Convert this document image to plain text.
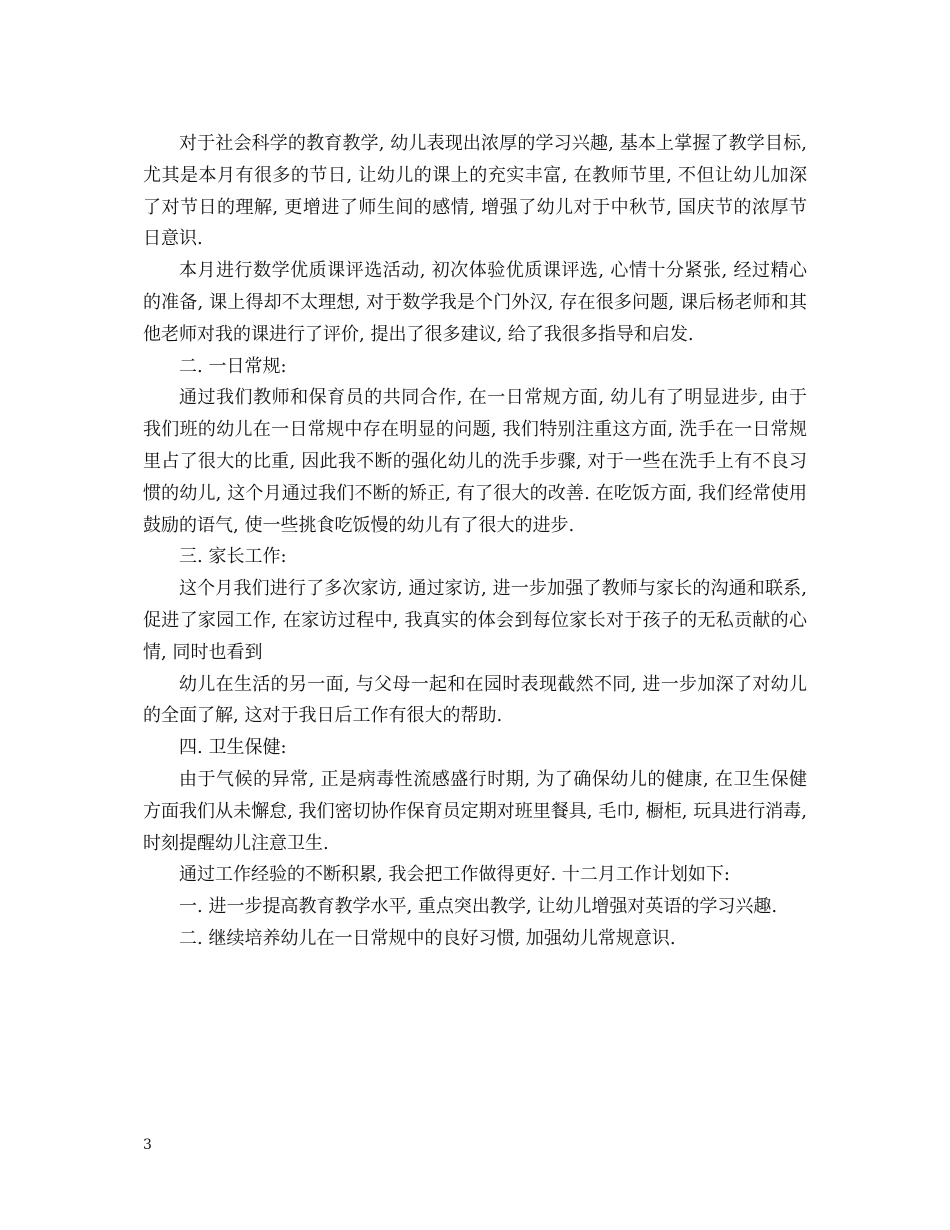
对于社会科学的教育教学, 幼儿表现出浓厚的学习兴趣, 基本上掌握了教学目标, 尤其是本月有很多的节日, 让幼儿的课上的充实丰富, 在教师节里, 不但让幼儿加深了对节日的理解, 更增进了师生间的感情, 增强了幼儿对于中秋节, 国庆节的浓厚节日意识.

本月进行数学优质课评选活动, 初次体验优质课评选, 心情十分紧张, 经过精心的准备, 课上得却不太理想, 对于数学我是个门外汉, 存在很多问题, 课后杨老师和其他老师对我的课进行了评价, 提出了很多建议, 给了我很多指导和启发.

二. 一日常规:

通过我们教师和保育员的共同合作, 在一日常规方面, 幼儿有了明显进步, 由于我们班的幼儿在一日常规中存在明显的问题, 我们特别注重这方面, 洗手在一日常规里占了很大的比重, 因此我不断的强化幼儿的洗手步骤, 对于一些在洗手上有不良习惯的幼儿, 这个月通过我们不断的矫正, 有了很大的改善. 在吃饭方面, 我们经常使用鼓励的语气, 使一些挑食吃饭慢的幼儿有了很大的进步.

三. 家长工作:

这个月我们进行了多次家访, 通过家访, 进一步加强了教师与家长的沟通和联系, 促进了家园工作, 在家访过程中, 我真实的体会到每位家长对于孩子的无私贡献的心情, 同时也看到

幼儿在生活的另一面, 与父母一起和在园时表现截然不同, 进一步加深了对幼儿的全面了解, 这对于我日后工作有很大的帮助.

四. 卫生保健:

由于气候的异常, 正是病毒性流感盛行时期, 为了确保幼儿的健康, 在卫生保健方面我们从未懈怠, 我们密切协作保育员定期对班里餐具, 毛巾, 橱柜, 玩具进行消毒, 时刻提醒幼儿注意卫生.

通过工作经验的不断积累, 我会把工作做得更好. 十二月工作计划如下:

一. 进一步提高教育教学水平, 重点突出教学, 让幼儿增强对英语的学习兴趣.

二. 继续培养幼儿在一日常规中的良好习惯, 加强幼儿常规意识.

3
